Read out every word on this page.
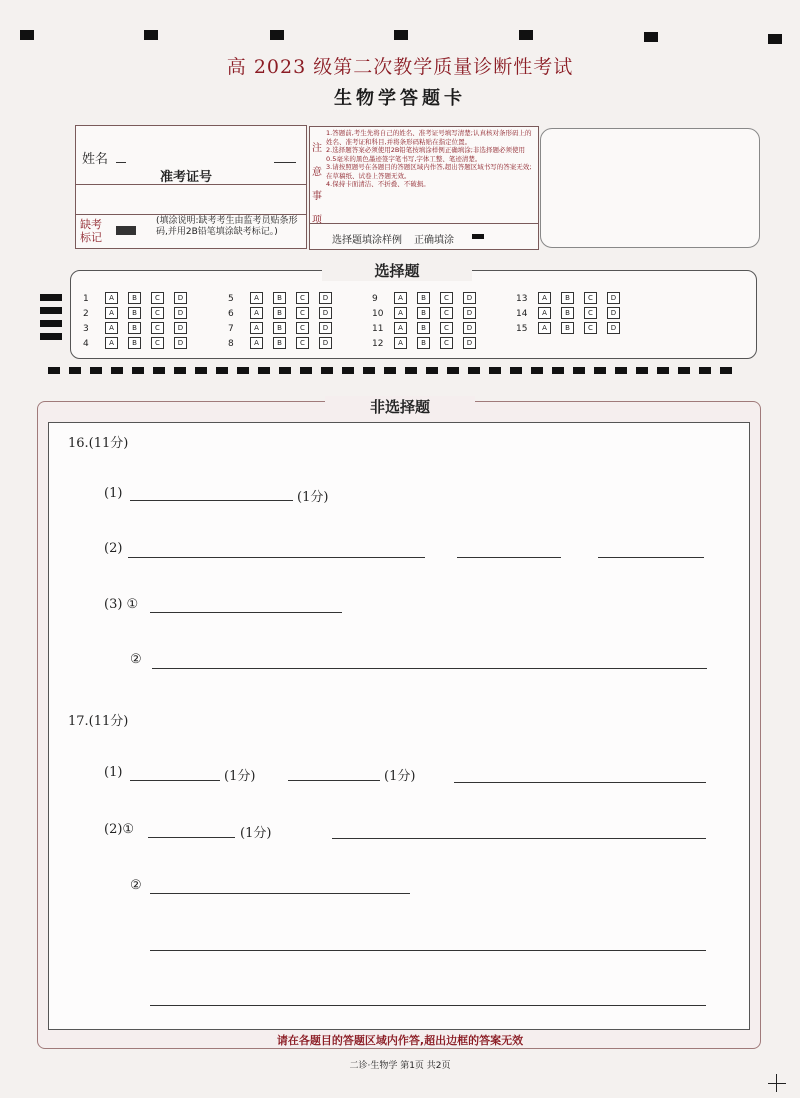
高 2023 级第二次教学质量诊断性考试
生物学答题卡
姓名
准考证号
缺考
标记
(填涂说明:缺考考生由监考员贴条形码,并用2B铅笔填涂缺考标记。)
注
意
事
项
1.答题前,考生先将自己的姓名、准考证号填写清楚;认真核对条形码上的姓名、准考证和科目,并将条形码粘贴在指定位置。
2.选择题答案必须使用2B铅笔按填涂样例正确填涂;非选择题必须使用0.5毫米的黑色墨迹签字笔书写,字体工整、笔迹清楚。
3.请按照题号在各题目的答题区域内作答,超出答题区域书写的答案无效;在草稿纸、试卷上答题无效。
4.保持卡面清洁、不折叠、不破损。
选择题填涂样例 正确填涂
选择题
1	A	B	C	D
2	A	B	C	D
3	A	B	C	D
4	A	B	C	D
5	A	B	C	D
6	A	B	C	D
7	A	B	C	D
8	A	B	C	D
9	A	B	C	D
10 A	B	C	D
11 A	B	C	D
12 A	B	C	D
13 A	B	C	D
14 A	B	C	D
15 A	B	C	D
非选择题
16.(11分)
(1)	(1分)
(2)
(3) ①
②
17.(11分)
(1)	(1分)	(1分)
(2)①	(1分)
②
请在各题目的答题区域内作答,超出边框的答案无效
二诊·生物学 第1页 共2页
